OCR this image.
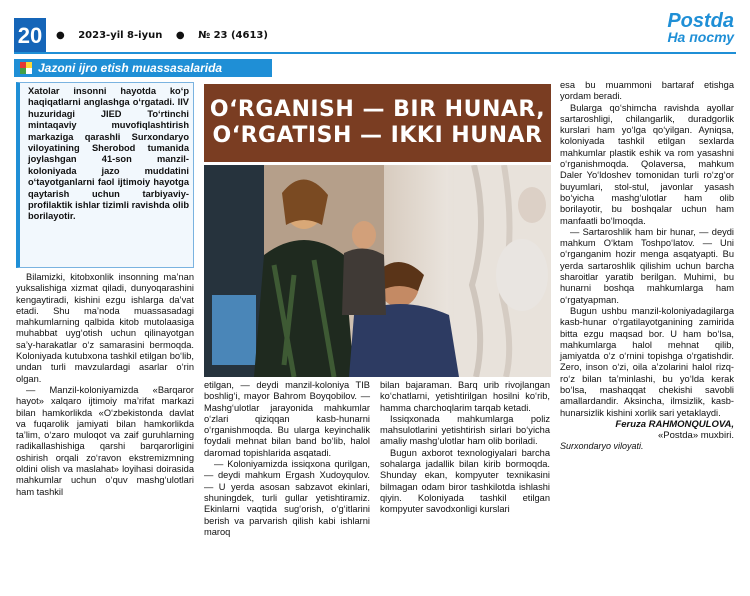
20	● 2023-yil 8-iyun ● № 23 (4613)
Postda
На посту
Jazoni ijro etish muassasalarida
Xatolar insonni hayotda ko‘p haqiqatlarni anglashga o‘rgatadi. IIV huzuridagi JIED To‘rtinchi mintaqaviy muvofiqlashtirish markaziga qarashli Surxondaryo viloyatining Sherobod tumanida joylashgan 41-son manzil-koloniyada jazo muddatini o‘tayotganlarni faol ijtimoiy hayotga qaytarish uchun tarbiyaviy-profilaktik ishlar tizimli ravishda olib borilayotir.
O‘RGANISH — BIR HUNAR,
O‘RGATISH — IKKI HUNAR

Bilamizki, kitobxonlik insonning ma’nan yuksalishiga xizmat qiladi, dunyoqarashini kengaytiradi, kishini ezgu ishlarga da’vat etadi. Shu ma’noda muassasadagi mahkumlarning qalbida kitob mutolaasiga muhabbat uyg‘otish uchun qilinayotgan sa’y-harakatlar o‘z samarasini bermoqda. Koloniyada kutubxona tashkil etilgan bo‘lib, undan turli mavzulardagi asarlar o‘rin olgan.

— Manzil-koloniyamizda «Barqaror hayot» xalqaro ijtimoiy ma’rifat markazi bilan hamkorlikda «O‘zbekistonda davlat va fuqarolik jamiyati bilan hamkorlikda ta’lim, o‘zaro muloqot va zaif guruhlarning radikallashishiga qarshi barqarorligini oshirish orqali zo‘ravon ekstremizmning oldini olish va maslahat» loyihasi doirasida mahkumlar uchun o‘quv mashg‘ulotlari ham tashkil

etilgan, — deydi manzil-koloniya TIB boshlig‘i, mayor Bahrom Boyqobilov. — Mashg‘ulotlar jarayonida mahkumlar o‘zlari qiziqqan kasb-hunarni o‘rganishmoqda. Bu ularga keyinchalik foydali mehnat bilan band bo‘lib, halol daromad topishlarida asqatadi.

— Koloniyamizda issiqxona qurilgan, — deydi mahkum Ergash Xudoyqulov. — U yerda asosan sabzavot ekinlari, shuningdek, turli gullar yetishtiramiz. Ekinlarni vaqtida sug‘orish, o‘g‘itlarini berish va parvarish qilish kabi ishlarni maroq

bilan bajaraman. Barq urib rivojlangan ko‘chatlarni, yetishtirilgan hosilni ko‘rib, hamma charchoqlarim tarqab ketadi.

Issiqxonada mahkumlarga poliz mahsulotlarini yetishtirish sirlari bo‘yicha amaliy mashg‘ulotlar ham olib boriladi.

Bugun axborot texnologiyalari barcha sohalarga jadallik bilan kirib bormoqda. Shunday ekan, kompyuter texnikasini bilmagan odam biror tashkilotda ishlashi qiyin. Koloniyada tashkil etilgan kompyuter savodxonligi kurslari

esa bu muammoni bartaraf etishga yordam beradi.

Bularga qo‘shimcha ravishda ayollar sartaroshligi, chilangarlik, duradgorlik kurslari ham yo‘lga qo‘yilgan. Ayniqsa, koloniyada tashkil etilgan sexlarda mahkumlar plastik eshik va rom yasashni o‘rganishmoqda. Qolaversa, mahkum Daler Yo‘ldoshev tomonidan turli ro‘zg‘or buyumlari, stol-stul, javonlar yasash bo‘yicha mashg‘ulotlar ham olib borilayotir, bu boshqalar uchun ham manfaatli bo‘lmoqda.

— Sartaroshlik ham bir hunar, — deydi mahkum O‘ktam Toshpo‘latov. — Uni o‘rganganim hozir menga asqatyapti. Bu yerda sartaroshlik qilishim uchun barcha sharoitlar yaratib berilgan. Muhimi, bu hunarni boshqa mahkumlarga ham o‘rgatyapman.

Bugun ushbu manzil-koloniyadagilarga kasb-hunar o‘rgatilayotganining zamirida bitta ezgu maqsad bor. U ham bo‘lsa, mahkumlarga halol mehnat qilib, jamiyatda o‘z o‘rnini topishga o‘rgatishdir. Zero, inson o‘zi, oila a’zolarini halol rizq-ro‘z bilan ta’minlashi, bu yo‘lda kerak bo‘lsa, mashaqqat chekishi savobli amallardandir. Aksincha, ilmsizlik, kasb-hunarsizlik kishini xorlik sari yetaklaydi.

Feruza RAHMONQULOVA,
«Postda» muxbiri.
Surxondaryo viloyati.
